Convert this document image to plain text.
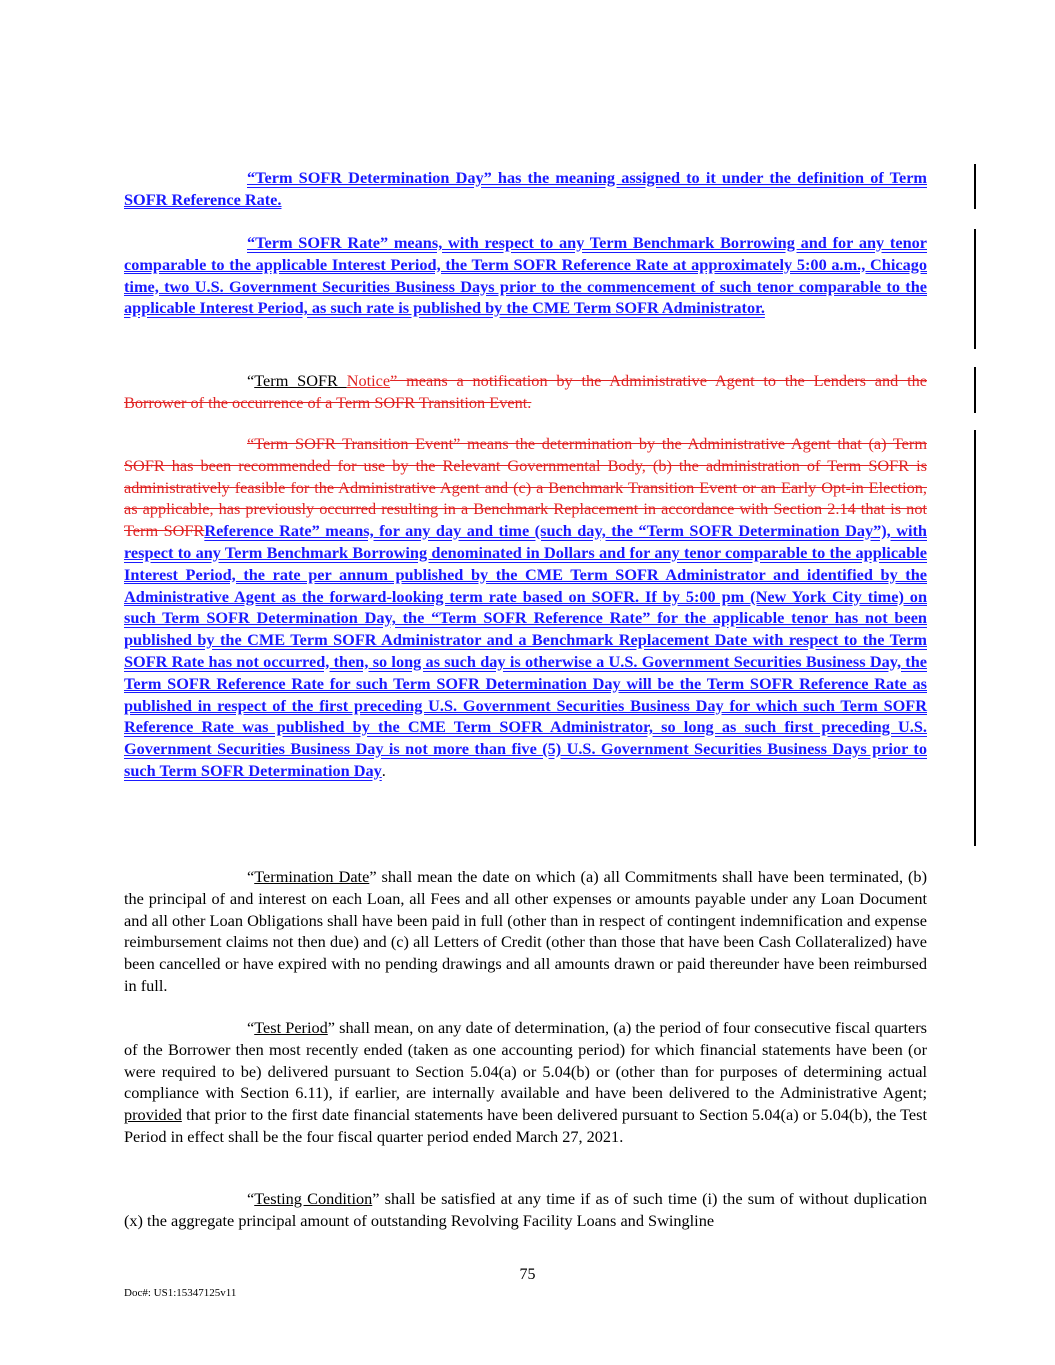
“Term SOFR Determination Day” has the meaning assigned to it under the definition of Term SOFR Reference Rate.

“Term SOFR Rate” means, with respect to any Term Benchmark Borrowing and for any tenor comparable to the applicable Interest Period, the Term SOFR Reference Rate at approximately 5:00 a.m., Chicago time, two U.S. Government Securities Business Days prior to the commencement of such tenor comparable to the applicable Interest Period, as such rate is published by the CME Term SOFR Administrator.

“Term SOFR Notice” means a notification by the Administrative Agent to the Lenders and the Borrower of the occurrence of a Term SOFR Transition Event.

“Term SOFR Transition Event” means the determination by the Administrative Agent that (a) Term SOFR has been recommended for use by the Relevant Governmental Body, (b) the administration of Term SOFR is administratively feasible for the Administrative Agent and (c) a Benchmark Transition Event or an Early Opt-in Election, as applicable, has previously occurred resulting in a Benchmark Replacement in accordance with Section 2.14 that is not Term SOFRReference Rate” means, for any day and time (such day, the “Term SOFR Determination Day”), with respect to any Term Benchmark Borrowing denominated in Dollars and for any tenor comparable to the applicable Interest Period, the rate per annum published by the CME Term SOFR Administrator and identified by the Administrative Agent as the forward-looking term rate based on SOFR. If by 5:00 pm (New York City time) on such Term SOFR Determination Day, the “Term SOFR Reference Rate” for the applicable tenor has not been published by the CME Term SOFR Administrator and a Benchmark Replacement Date with respect to the Term SOFR Rate has not occurred, then, so long as such day is otherwise a U.S. Government Securities Business Day, the Term SOFR Reference Rate for such Term SOFR Determination Day will be the Term SOFR Reference Rate as published in respect of the first preceding U.S. Government Securities Business Day for which such Term SOFR Reference Rate was published by the CME Term SOFR Administrator, so long as such first preceding U.S. Government Securities Business Day is not more than five (5) U.S. Government Securities Business Days prior to such Term SOFR Determination Day.

“Termination Date” shall mean the date on which (a) all Commitments shall have been terminated, (b) the principal of and interest on each Loan, all Fees and all other expenses or amounts payable under any Loan Document and all other Loan Obligations shall have been paid in full (other than in respect of contingent indemnification and expense reimbursement claims not then due) and (c) all Letters of Credit (other than those that have been Cash Collateralized) have been cancelled or have expired with no pending drawings and all amounts drawn or paid thereunder have been reimbursed in full.

“Test Period” shall mean, on any date of determination, (a) the period of four consecutive fiscal quarters of the Borrower then most recently ended (taken as one accounting period) for which financial statements have been (or were required to be) delivered pursuant to Section 5.04(a) or 5.04(b) or (other than for purposes of determining actual compliance with Section 6.11), if earlier, are internally available and have been delivered to the Administrative Agent; provided that prior to the first date financial statements have been delivered pursuant to Section 5.04(a) or 5.04(b), the Test Period in effect shall be the four fiscal quarter period ended March 27, 2021.

“Testing Condition” shall be satisfied at any time if as of such time (i) the sum of without duplication (x) the aggregate principal amount of outstanding Revolving Facility Loans and Swingline

75
Doc#: US1:15347125v11
